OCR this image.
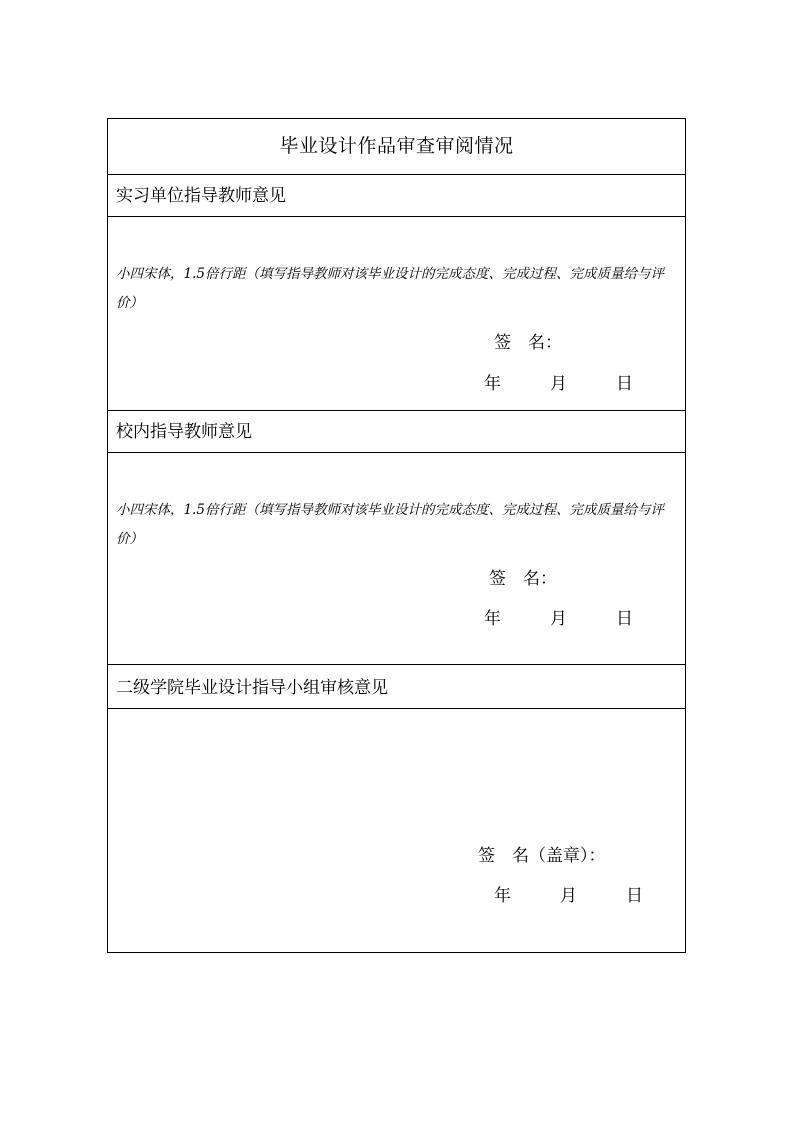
毕业设计作品审查审阅情况
实习单位指导教师意见
小四宋体，1.5倍行距（填写指导教师对该毕业设计的完成态度、完成过程、完成质量给与评价）
签　名：
年	月	日
校内指导教师意见
小四宋体，1.5倍行距（填写指导教师对该毕业设计的完成态度、完成过程、完成质量给与评价）
签　名：
年	月	日
二级学院毕业设计指导小组审核意见
签　名（盖章）：
年	月	日
